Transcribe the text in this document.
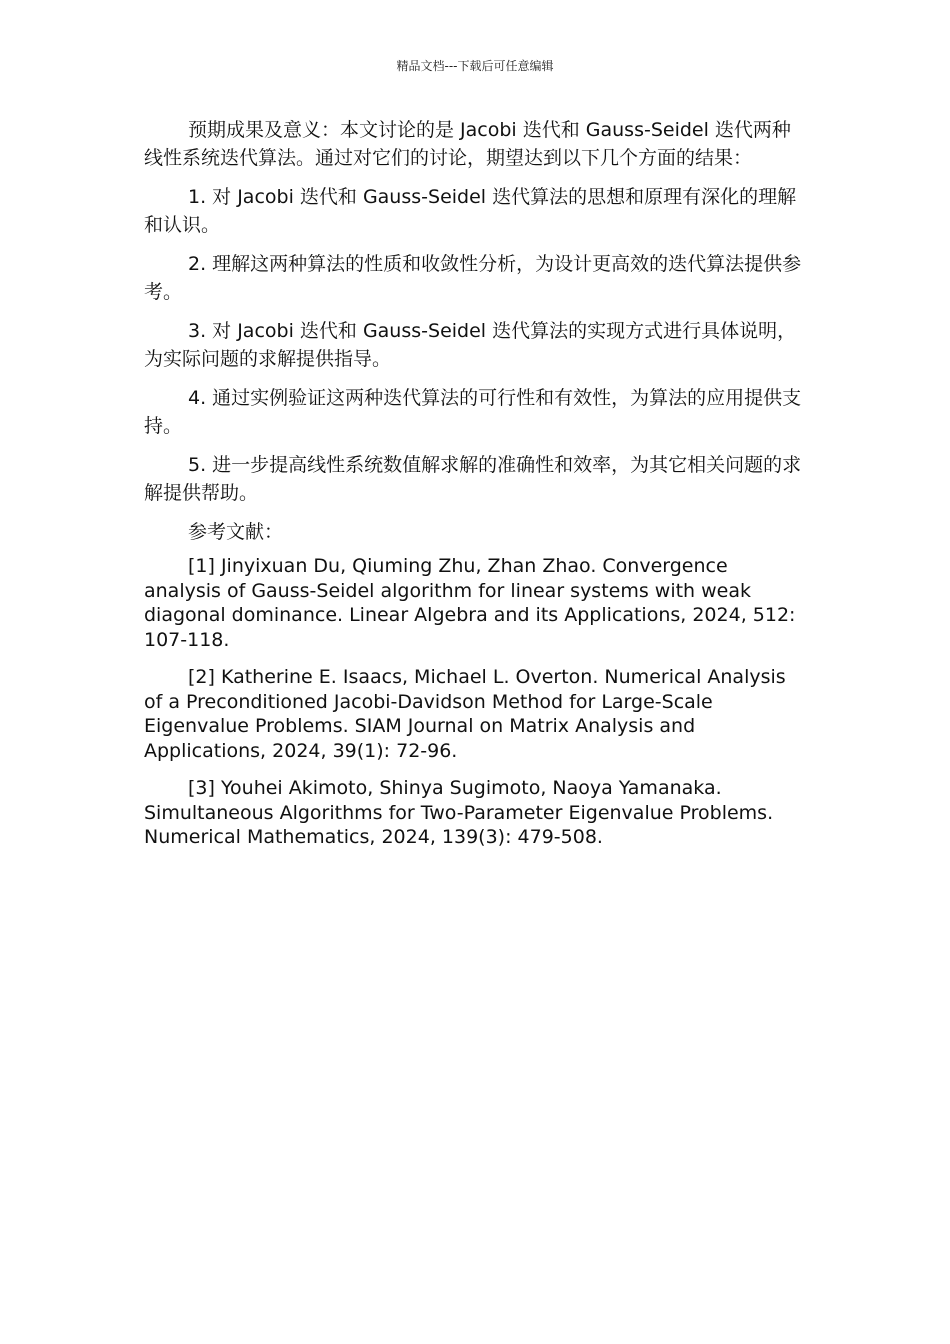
精品文档---下载后可任意编辑

预期成果及意义：本文讨论的是 Jacobi 迭代和 Gauss-Seidel 迭代两种线性系统迭代算法。通过对它们的讨论，期望达到以下几个方面的结果：

1. 对 Jacobi 迭代和 Gauss-Seidel 迭代算法的思想和原理有深化的理解和认识。

2. 理解这两种算法的性质和收敛性分析，为设计更高效的迭代算法提供参考。

3. 对 Jacobi 迭代和 Gauss-Seidel 迭代算法的实现方式进行具体说明，为实际问题的求解提供指导。

4. 通过实例验证这两种迭代算法的可行性和有效性，为算法的应用提供支持。

5. 进一步提高线性系统数值解求解的准确性和效率，为其它相关问题的求解提供帮助。

参考文献：

[1] Jinyixuan Du, Qiuming Zhu, Zhan Zhao. Convergence analysis of Gauss-Seidel algorithm for linear systems with weak diagonal dominance. Linear Algebra and its Applications, 2024, 512: 107-118.

[2] Katherine E. Isaacs, Michael L. Overton. Numerical Analysis of a Preconditioned Jacobi-Davidson Method for Large-Scale Eigenvalue Problems. SIAM Journal on Matrix Analysis and Applications, 2024, 39(1): 72-96.

[3] Youhei Akimoto, Shinya Sugimoto, Naoya Yamanaka. Simultaneous Algorithms for Two-Parameter Eigenvalue Problems. Numerical Mathematics, 2024, 139(3): 479-508.
